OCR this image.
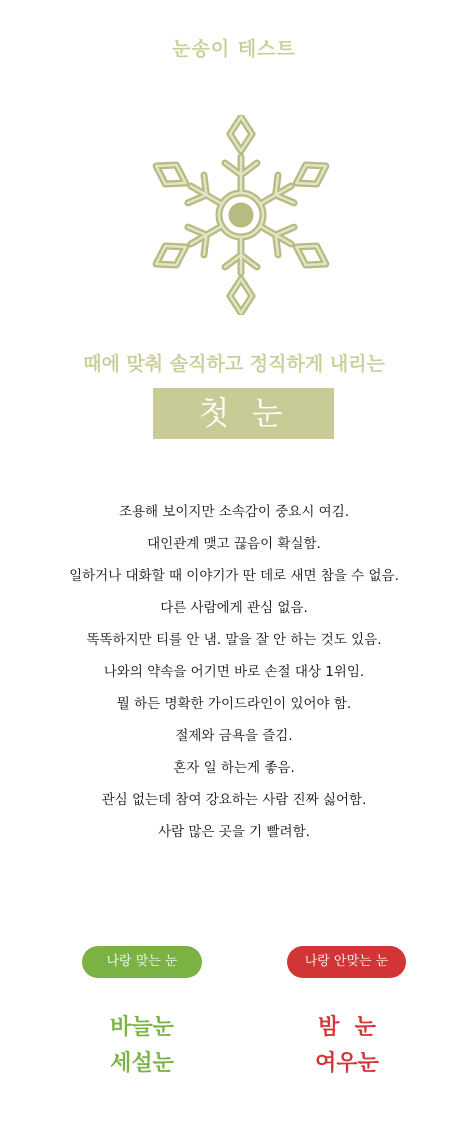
눈송이 테스트
때에 맞춰 솔직하고 정직하게 내리는
첫 눈
조용해 보이지만 소속감이 중요시 여김.
대인관계 맺고 끊음이 확실함.
일하거나 대화할 때 이야기가 딴 데로 새면 참을 수 없음.
다른 사람에게 관심 없음.
똑똑하지만 티를 안 냄. 말을 잘 안 하는 것도 있음.
나와의 약속을 어기면 바로 손절 대상 1위임.
뭘 하든 명확한 가이드라인이 있어야 함.
절제와 금욕을 즐김.
혼자 일 하는게 좋음.
관심 없는데 참여 강요하는 사람 진짜 싫어함.
사람 많은 곳을 기 빨려함.
나랑 맞는 눈	나랑 안맞는 눈
바늘눈
세설눈
밤  눈
여우눈
